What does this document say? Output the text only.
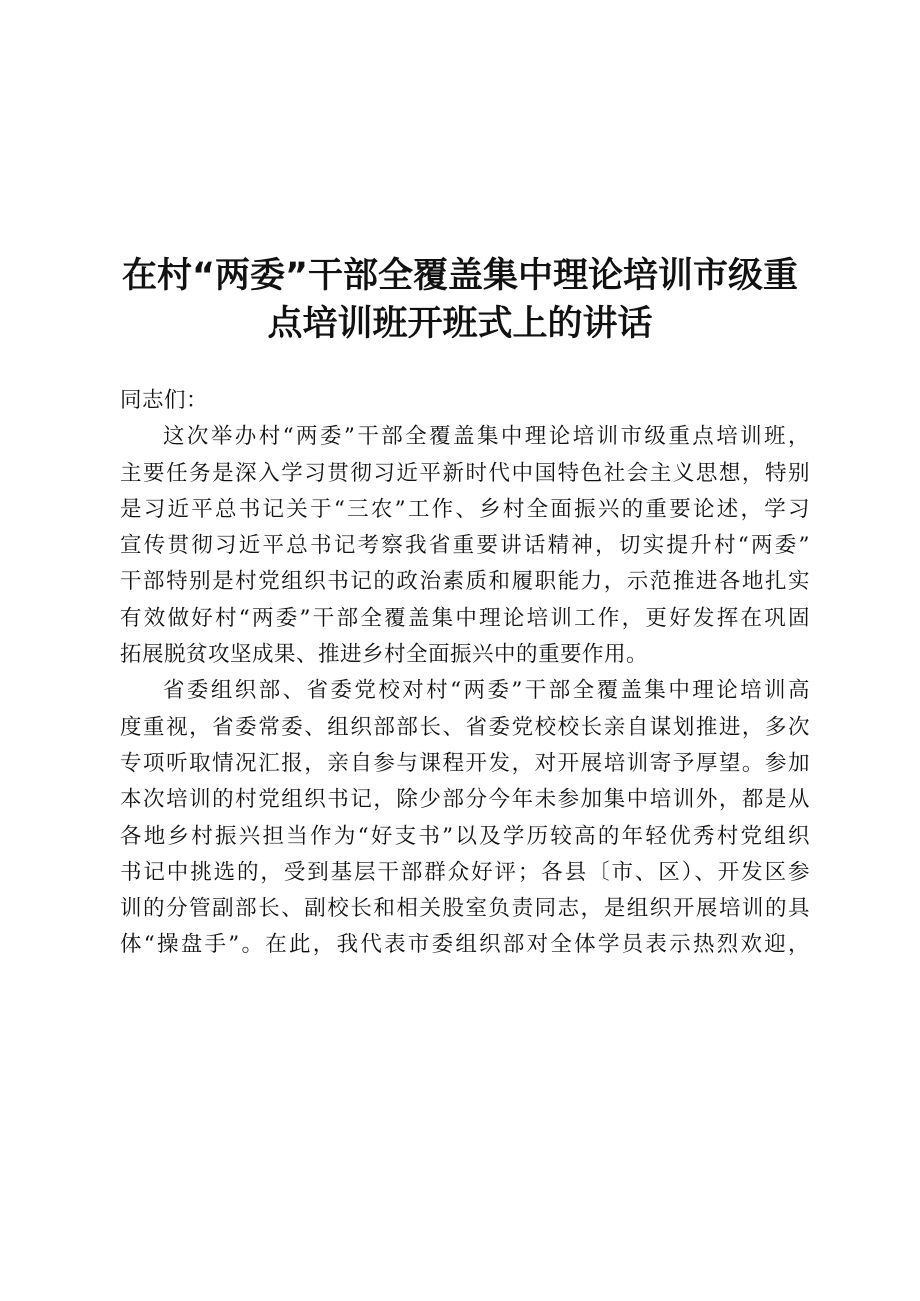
在村“两委”干部全覆盖集中理论培训市级重
点培训班开班式上的讲话

同志们：

这次举办村“两委”干部全覆盖集中理论培训市级重点培训班，
主要任务是深入学习贯彻习近平新时代中国特色社会主义思想，特别
是习近平总书记关于“三农”工作、乡村全面振兴的重要论述，学习
宣传贯彻习近平总书记考察我省重要讲话精神，切实提升村“两委”
干部特别是村党组织书记的政治素质和履职能力，示范推进各地扎实
有效做好村“两委”干部全覆盖集中理论培训工作，更好发挥在巩固
拓展脱贫攻坚成果、推进乡村全面振兴中的重要作用。

省委组织部、省委党校对村“两委”干部全覆盖集中理论培训高
度重视，省委常委、组织部部长、省委党校校长亲自谋划推进，多次
专项听取情况汇报，亲自参与课程开发，对开展培训寄予厚望。参加
本次培训的村党组织书记，除少部分今年未参加集中培训外，都是从
各地乡村振兴担当作为“好支书”以及学历较高的年轻优秀村党组织
书记中挑选的，受到基层干部群众好评；各县〔市、区）、开发区参
训的分管副部长、副校长和相关股室负责同志，是组织开展培训的具
体“操盘手”。在此，我代表市委组织部对全体学员表示热烈欢迎，
